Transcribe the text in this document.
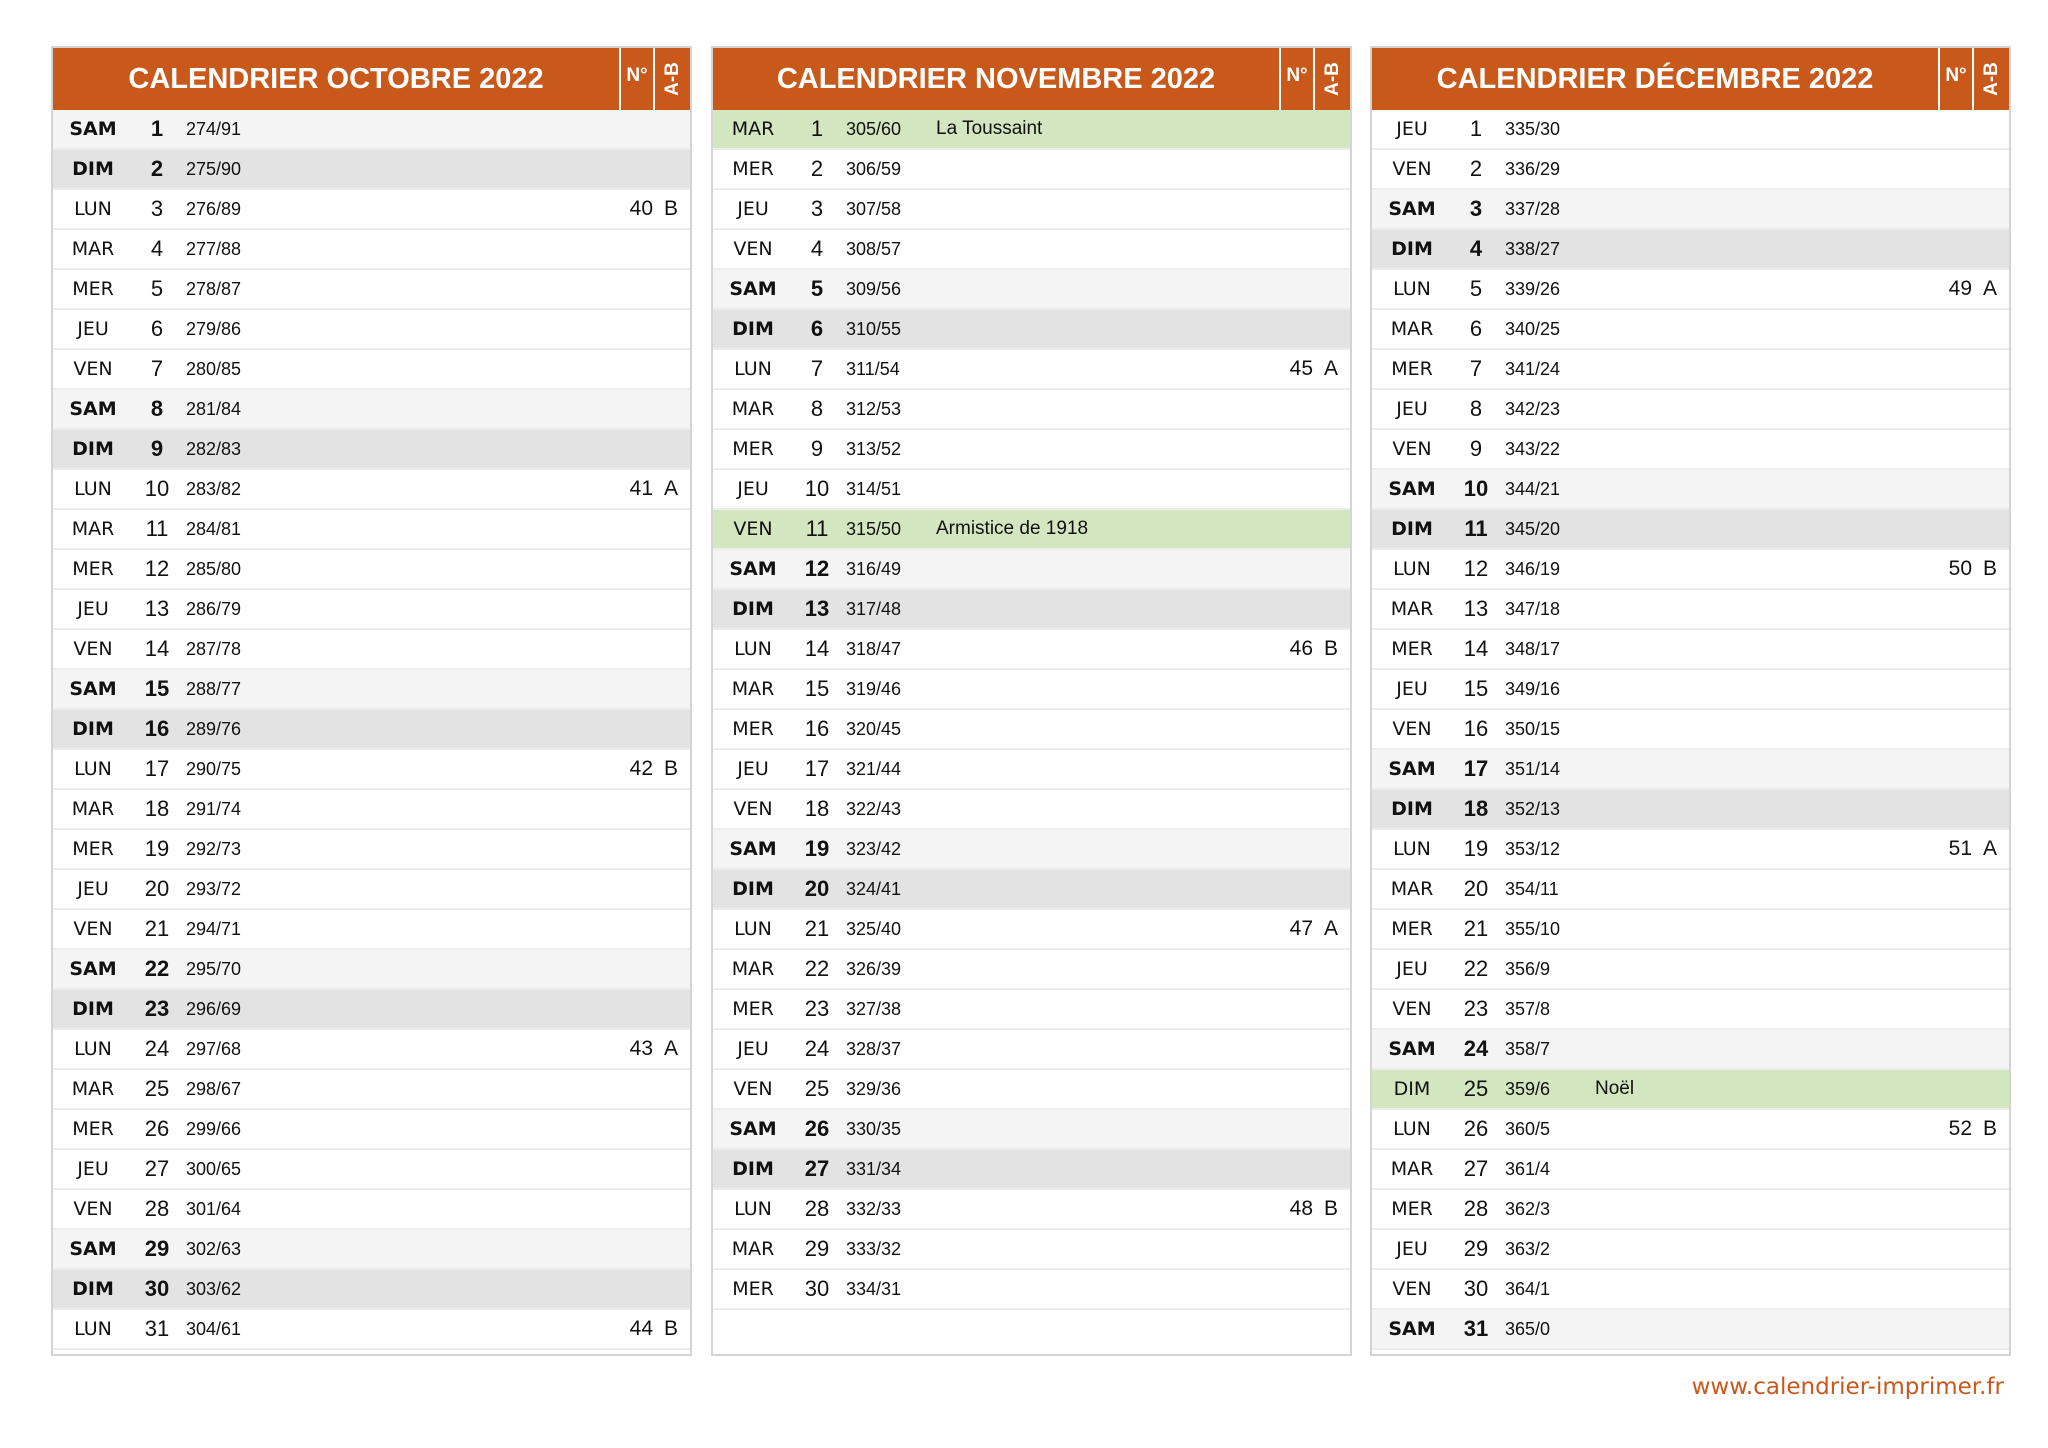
CALENDRIER OCTOBRE 2022	N° A-B
SAM	1	274/91
DIM	2	275/90
LUN	3	276/89	40 B
MAR	4	277/88
MER	5	278/87
JEU	6	279/86
VEN	7	280/85
SAM	8	281/84
DIM	9	282/83
LUN	10 283/82	41 A
MAR	11 284/81
MER	12 285/80
JEU	13 286/79
VEN	14 287/78
SAM	15 288/77
DIM	16 289/76
LUN	17 290/75	42 B
MAR	18 291/74
MER	19 292/73
JEU	20 293/72
VEN	21 294/71
SAM	22 295/70
DIM	23 296/69
LUN	24 297/68	43 A
MAR	25 298/67
MER	26 299/66
JEU	27 300/65
VEN	28 301/64
SAM	29 302/63
DIM	30 303/62
LUN	31 304/61	44 B
CALENDRIER NOVEMBRE 2022	N° A-B
MAR	1	305/60 La Toussaint
MER	2	306/59
JEU	3	307/58
VEN	4	308/57
SAM	5	309/56
DIM	6	310/55
LUN	7	311/54	45 A
MAR	8	312/53
MER	9	313/52
JEU	10 314/51
VEN	11 315/50 Armistice de 1918
SAM	12 316/49
DIM	13 317/48
LUN	14 318/47	46 B
MAR	15 319/46
MER	16 320/45
JEU	17 321/44
VEN	18 322/43
SAM	19 323/42
DIM	20 324/41
LUN	21 325/40	47 A
MAR	22 326/39
MER	23 327/38
JEU	24 328/37
VEN	25 329/36
SAM	26 330/35
DIM	27 331/34
LUN	28 332/33	48 B
MAR	29 333/32
MER	30 334/31
CALENDRIER DÉCEMBRE 2022	N° A-B
JEU	1	335/30
VEN	2	336/29
SAM	3	337/28
DIM	4	338/27
LUN	5	339/26	49 A
MAR	6	340/25
MER	7	341/24
JEU	8	342/23
VEN	9	343/22
SAM	10 344/21
DIM	11 345/20
LUN	12 346/19	50 B
MAR	13 347/18
MER	14 348/17
JEU	15 349/16
VEN	16 350/15
SAM	17 351/14
DIM	18 352/13
LUN	19 353/12	51 A
MAR	20 354/11
MER	21 355/10
JEU	22 356/9
VEN	23 357/8
SAM	24 358/7
DIM	25 359/6 Noël
LUN	26 360/5	52 B
MAR	27 361/4
MER	28 362/3
JEU	29 363/2
VEN	30 364/1
SAM	31 365/0
www.calendrier-imprimer.fr
